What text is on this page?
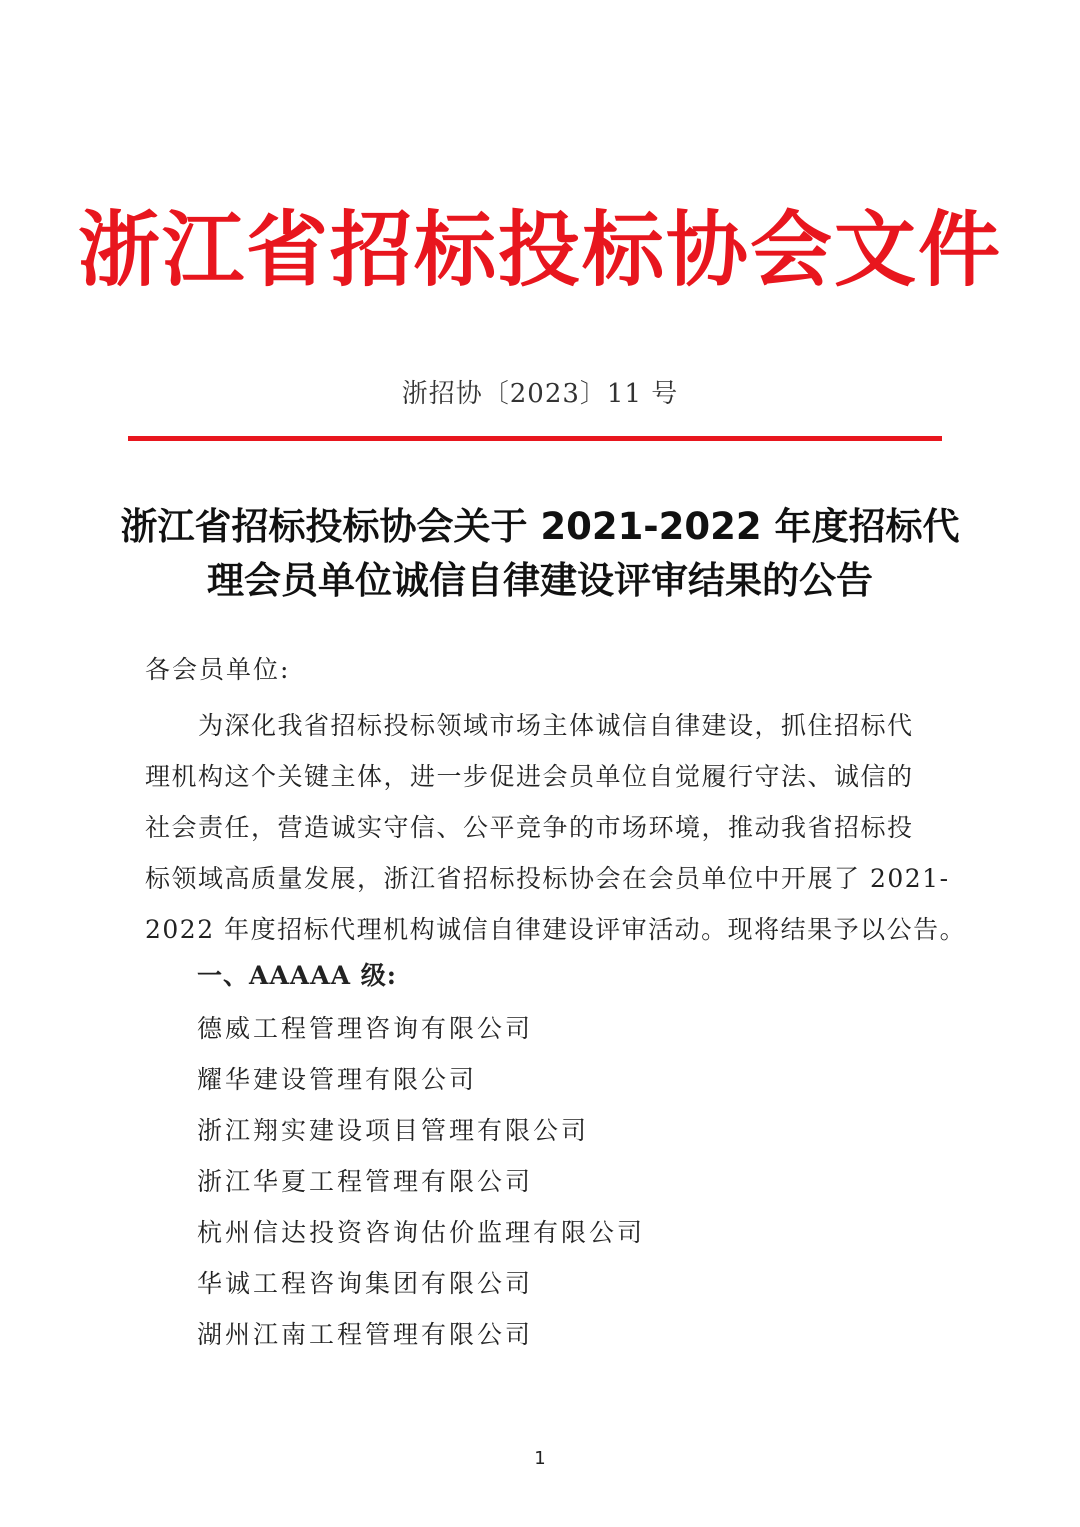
浙江省招标投标协会文件
浙招协〔2023〕11 号
浙江省招标投标协会关于 2021-2022 年度招标代
理会员单位诚信自律建设评审结果的公告
各会员单位:
　　为深化我省招标投标领域市场主体诚信自律建设，抓住招标代
理机构这个关键主体，进一步促进会员单位自觉履行守法、诚信的
社会责任，营造诚实守信、公平竞争的市场环境，推动我省招标投
标领域高质量发展，浙江省招标投标协会在会员单位中开展了 2021-
2022 年度招标代理机构诚信自律建设评审活动。现将结果予以公告。
一、AAAAA 级:
德威工程管理咨询有限公司
耀华建设管理有限公司
浙江翔实建设项目管理有限公司
浙江华夏工程管理有限公司
杭州信达投资咨询估价监理有限公司
华诚工程咨询集团有限公司
湖州江南工程管理有限公司
1
